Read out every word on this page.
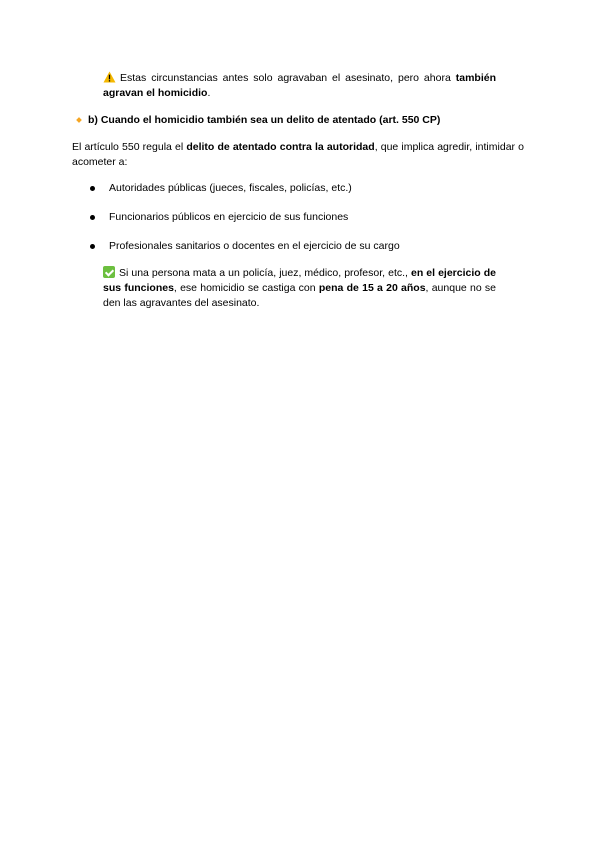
Estas circunstancias antes solo agravaban el asesinato, pero ahora también agravan el homicidio.
b) Cuando el homicidio también sea un delito de atentado (art. 550 CP)
El artículo 550 regula el delito de atentado contra la autoridad, que implica agredir, intimidar o acometer a:
Autoridades públicas (jueces, fiscales, policías, etc.)
Funcionarios públicos en ejercicio de sus funciones
Profesionales sanitarios o docentes en el ejercicio de su cargo
Si una persona mata a un policía, juez, médico, profesor, etc., en el ejercicio de sus funciones, ese homicidio se castiga con pena de 15 a 20 años, aunque no se den las agravantes del asesinato.
